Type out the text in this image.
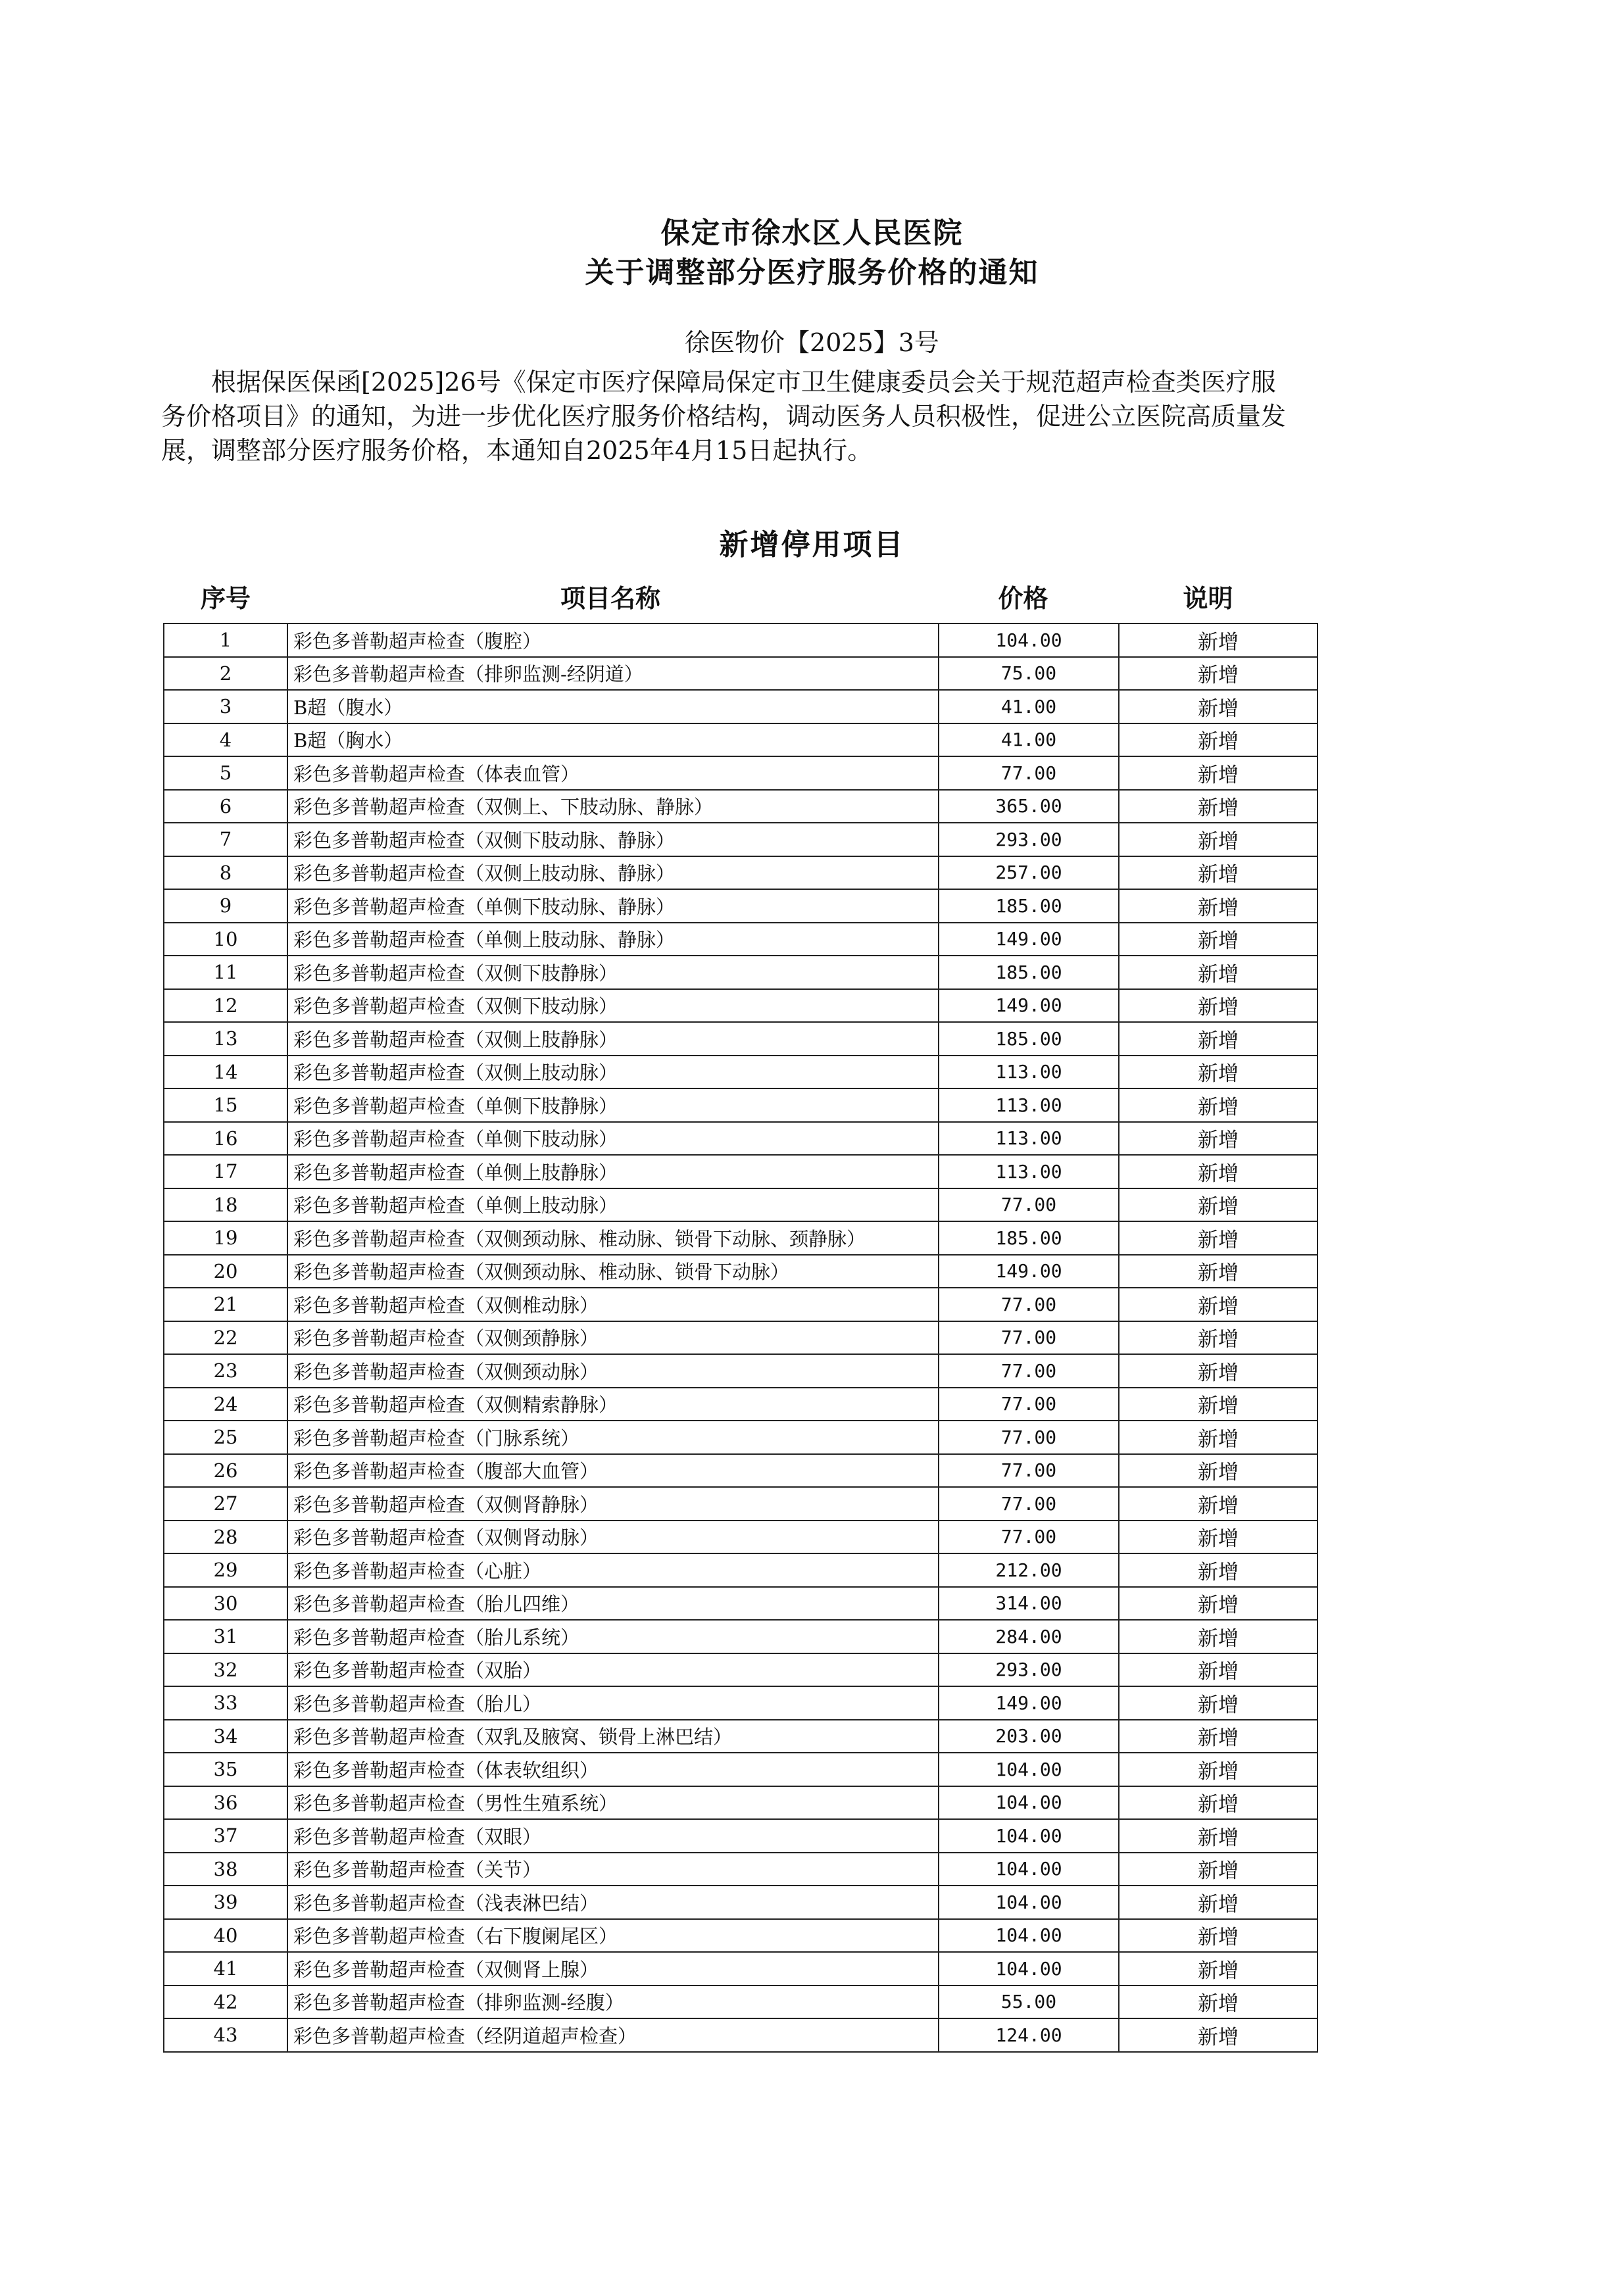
保定市徐水区人民医院
关于调整部分医疗服务价格的通知
徐医物价【2025】3号
根据保医保函[2025]26号《保定市医疗保障局保定市卫生健康委员会关于规范超声检查类医疗服务价格项目》的通知，为进一步优化医疗服务价格结构，调动医务人员积极性，促进公立医院高质量发展，调整部分医疗服务价格，本通知自2025年4月15日起执行。
新增停用项目
序号	项目名称	价格	说明
1	彩色多普勒超声检查（腹腔）	104.00	新增
2	彩色多普勒超声检查（排卵监测-经阴道）	75.00	新增
3	B超（腹水）	41.00	新增
4	B超（胸水）	41.00	新增
5	彩色多普勒超声检查（体表血管）	77.00	新增
6	彩色多普勒超声检查（双侧上、下肢动脉、静脉）	365.00	新增
7	彩色多普勒超声检查（双侧下肢动脉、静脉）	293.00	新增
8	彩色多普勒超声检查（双侧上肢动脉、静脉）	257.00	新增
9	彩色多普勒超声检查（单侧下肢动脉、静脉）	185.00	新增
10	彩色多普勒超声检查（单侧上肢动脉、静脉）	149.00	新增
11	彩色多普勒超声检查（双侧下肢静脉）	185.00	新增
12	彩色多普勒超声检查（双侧下肢动脉）	149.00	新增
13	彩色多普勒超声检查（双侧上肢静脉）	185.00	新增
14	彩色多普勒超声检查（双侧上肢动脉）	113.00	新增
15	彩色多普勒超声检查（单侧下肢静脉）	113.00	新增
16	彩色多普勒超声检查（单侧下肢动脉）	113.00	新增
17	彩色多普勒超声检查（单侧上肢静脉）	113.00	新增
18	彩色多普勒超声检查（单侧上肢动脉）	77.00	新增
19	彩色多普勒超声检查（双侧颈动脉、椎动脉、锁骨下动脉、颈静脉）	185.00	新增
20	彩色多普勒超声检查（双侧颈动脉、椎动脉、锁骨下动脉）	149.00	新增
21	彩色多普勒超声检查（双侧椎动脉）	77.00	新增
22	彩色多普勒超声检查（双侧颈静脉）	77.00	新增
23	彩色多普勒超声检查（双侧颈动脉）	77.00	新增
24	彩色多普勒超声检查（双侧精索静脉）	77.00	新增
25	彩色多普勒超声检查（门脉系统）	77.00	新增
26	彩色多普勒超声检查（腹部大血管）	77.00	新增
27	彩色多普勒超声检查（双侧肾静脉）	77.00	新增
28	彩色多普勒超声检查（双侧肾动脉）	77.00	新增
29	彩色多普勒超声检查（心脏）	212.00	新增
30	彩色多普勒超声检查（胎儿四维）	314.00	新增
31	彩色多普勒超声检查（胎儿系统）	284.00	新增
32	彩色多普勒超声检查（双胎）	293.00	新增
33	彩色多普勒超声检查（胎儿）	149.00	新增
34	彩色多普勒超声检查（双乳及腋窝、锁骨上淋巴结）	203.00	新增
35	彩色多普勒超声检查（体表软组织）	104.00	新增
36	彩色多普勒超声检查（男性生殖系统）	104.00	新增
37	彩色多普勒超声检查（双眼）	104.00	新增
38	彩色多普勒超声检查（关节）	104.00	新增
39	彩色多普勒超声检查（浅表淋巴结）	104.00	新增
40	彩色多普勒超声检查（右下腹阑尾区）	104.00	新增
41	彩色多普勒超声检查（双侧肾上腺）	104.00	新增
42	彩色多普勒超声检查（排卵监测-经腹）	55.00	新增
43	彩色多普勒超声检查（经阴道超声检查）	124.00	新增
